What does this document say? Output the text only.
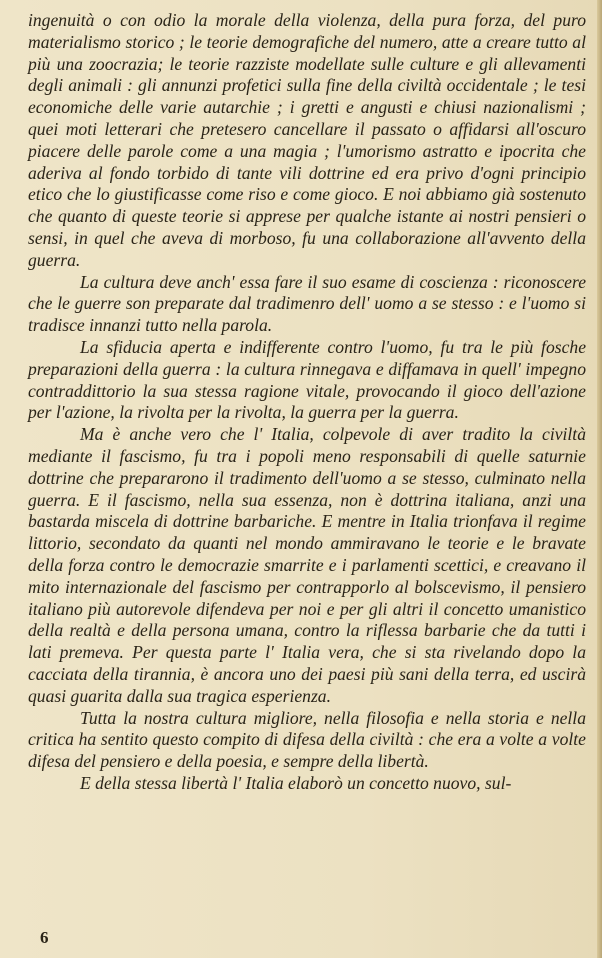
ingenuità o con odio la morale della violenza, della pura forza, del puro materialismo storico ; le teorie demografiche del numero, atte a creare tutto al più una zoocrazia; le teorie razziste modellate sulle culture e gli allevamenti degli animali : gli annunzi profetici sulla fine della civiltà occidentale ; le tesi economiche delle varie autarchie ; i gretti e angusti e chiusi nazionalismi ; quei moti letterari che pretesero cancellare il passato o affidarsi all'oscuro piacere delle parole come a una magia ; l'umorismo astratto e ipocrita che aderiva al fondo torbido di tante vili dottrine ed era privo d'ogni principio etico che lo giustificasse come riso e come gioco. E noi abbiamo già sostenuto che quanto di queste teorie si apprese per qualche istante ai nostri pensieri o sensi, in quel che aveva di morboso, fu una collaborazione all'avvento della guerra.

La cultura deve anch' essa fare il suo esame di coscienza : riconoscere che le guerre son preparate dal tradimenro dell' uomo a se stesso : e l'uomo si tradisce innanzi tutto nella parola.

La sfiducia aperta e indifferente contro l'uomo, fu tra le più fosche preparazioni della guerra : la cultura rinnegava e diffamava in quell' impegno contraddittorio la sua stessa ragione vitale, provocando il gioco dell'azione per l'azione, la rivolta per la rivolta, la guerra per la guerra.

Ma è anche vero che l' Italia, colpevole di aver tradito la civiltà mediante il fascismo, fu tra i popoli meno responsabili di quelle saturnie dottrine che prepararono il tradimento dell'uomo a se stesso, culminato nella guerra. E il fascismo, nella sua essenza, non è dottrina italiana, anzi una bastarda miscela di dottrine barbariche. E mentre in Italia trionfava il regime littorio, secondato da quanti nel mondo ammiravano le teorie e le bravate della forza contro le democrazie smarrite e i parlamenti scettici, e creavano il mito internazionale del fascismo per contrapporlo al bolscevismo, il pensiero italiano più autorevole difendeva per noi e per gli altri il concetto umanistico della realtà e della persona umana, contro la riflessa barbarie che da tutti i lati premeva. Per questa parte l' Italia vera, che si sta rivelando dopo la cacciata della tirannia, è ancora uno dei paesi più sani della terra, ed uscirà quasi guarita dalla sua tragica esperienza.

Tutta la nostra cultura migliore, nella filosofia e nella storia e nella critica ha sentito questo compito di difesa della civiltà : che era a volte a volte difesa del pensiero e della poesia, e sempre della libertà.

E della stessa libertà l' Italia elaborò un concetto nuovo, sul-

6
